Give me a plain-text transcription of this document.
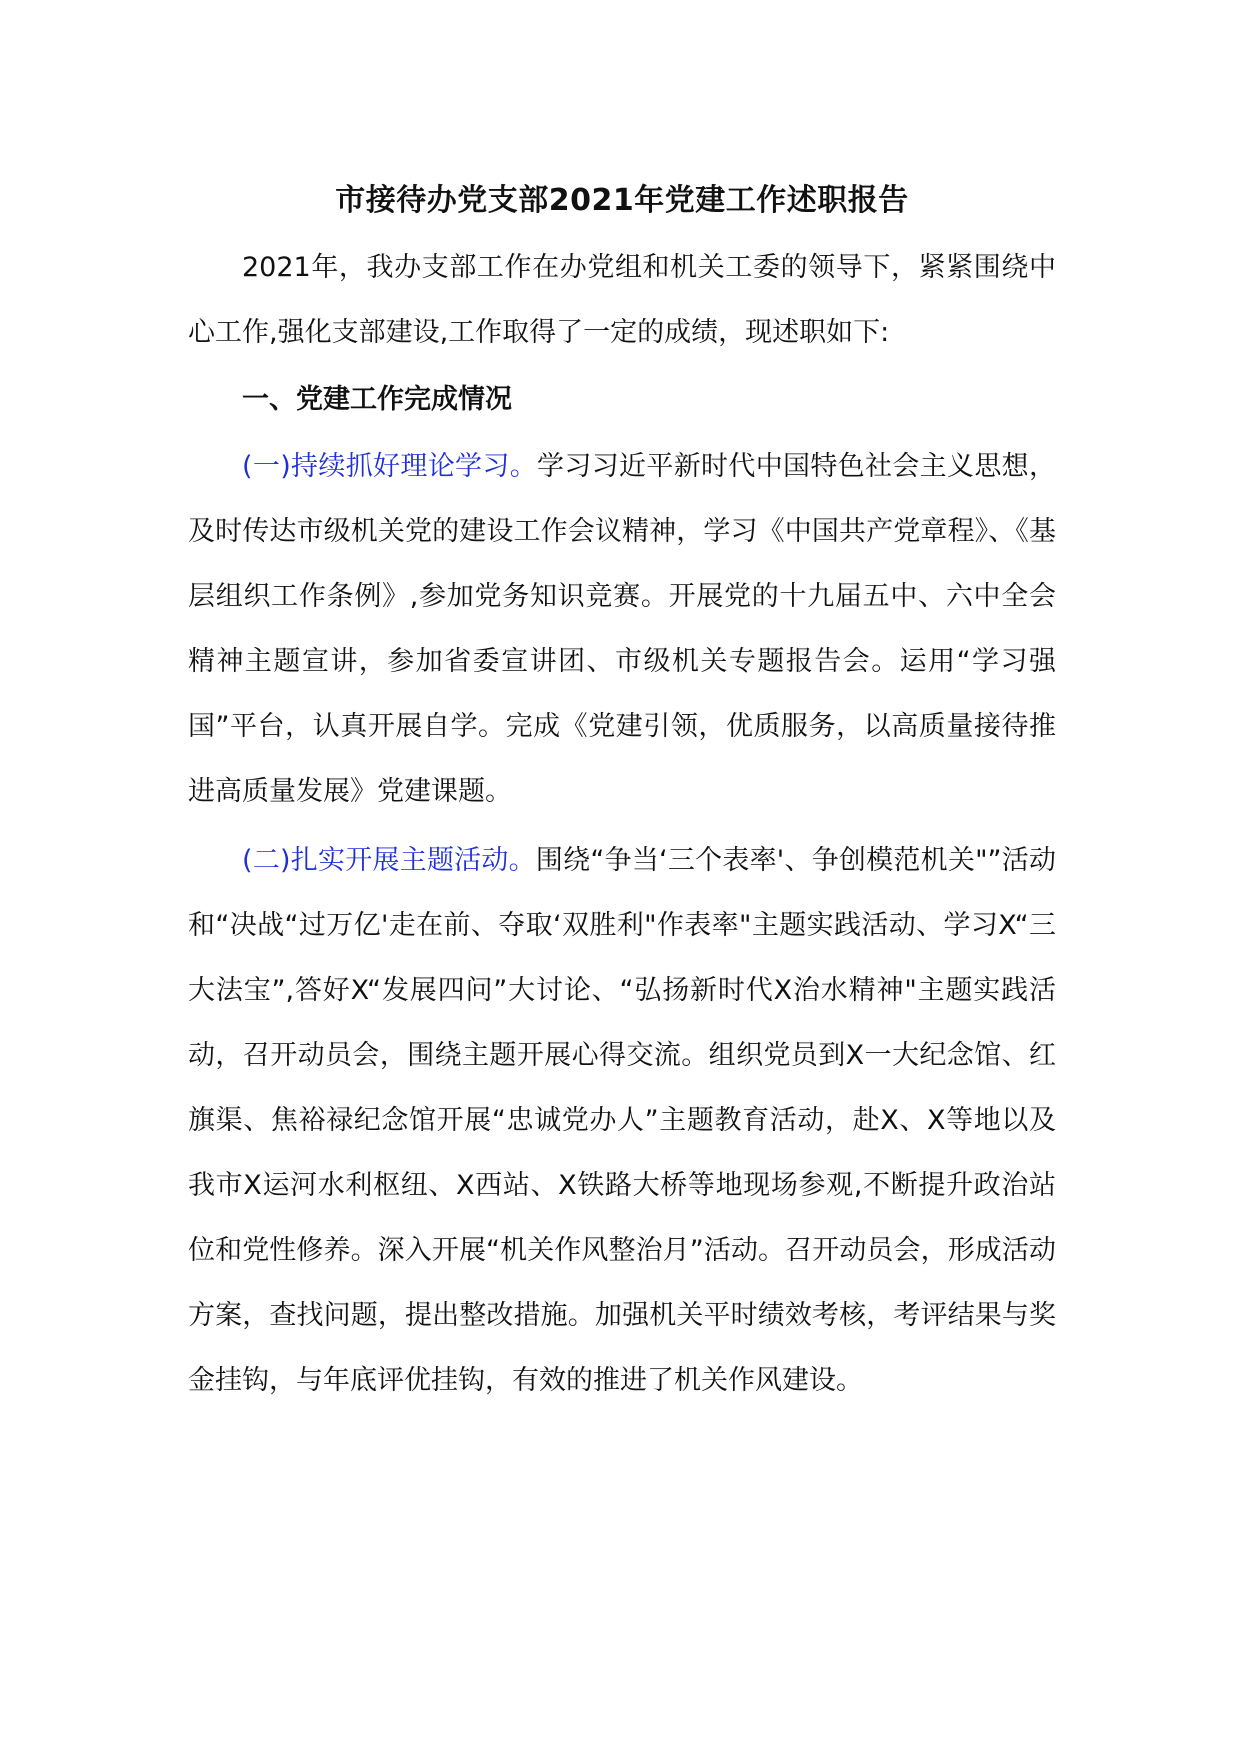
市接待办党支部2021年党建工作述职报告

2021年，我办支部工作在办党组和机关工委的领导下，紧紧围绕中心工作,强化支部建设,工作取得了一定的成绩，现述职如下:

一、党建工作完成情况

(一)持续抓好理论学习。学习习近平新时代中国特色社会主义思想，及时传达市级机关党的建设工作会议精神，学习《中国共产党章程》、《基层组织工作条例》,参加党务知识竞赛。开展党的十九届五中、六中全会精神主题宣讲，参加省委宣讲团、市级机关专题报告会。运用“学习强国”平台，认真开展自学。完成《党建引领，优质服务，以高质量接待推进高质量发展》党建课题。

(二)扎实开展主题活动。围绕“争当‘三个表率'、争创模范机关"”活动和“决战“过万亿'走在前、夺取‘双胜利"作表率"主题实践活动、学习X“三大法宝”,答好X“发展四问”大讨论、“弘扬新时代X治水精神"主题实践活动，召开动员会，围绕主题开展心得交流。组织党员到X一大纪念馆、红旗渠、焦裕禄纪念馆开展“忠诚党办人”主题教育活动，赴X、X等地以及我市X运河水利枢纽、X西站、X铁路大桥等地现场参观,不断提升政治站位和党性修养。深入开展“机关作风整治月”活动。召开动员会，形成活动方案，查找问题，提出整改措施。加强机关平时绩效考核，考评结果与奖金挂钩，与年底评优挂钩，有效的推进了机关作风建设。
